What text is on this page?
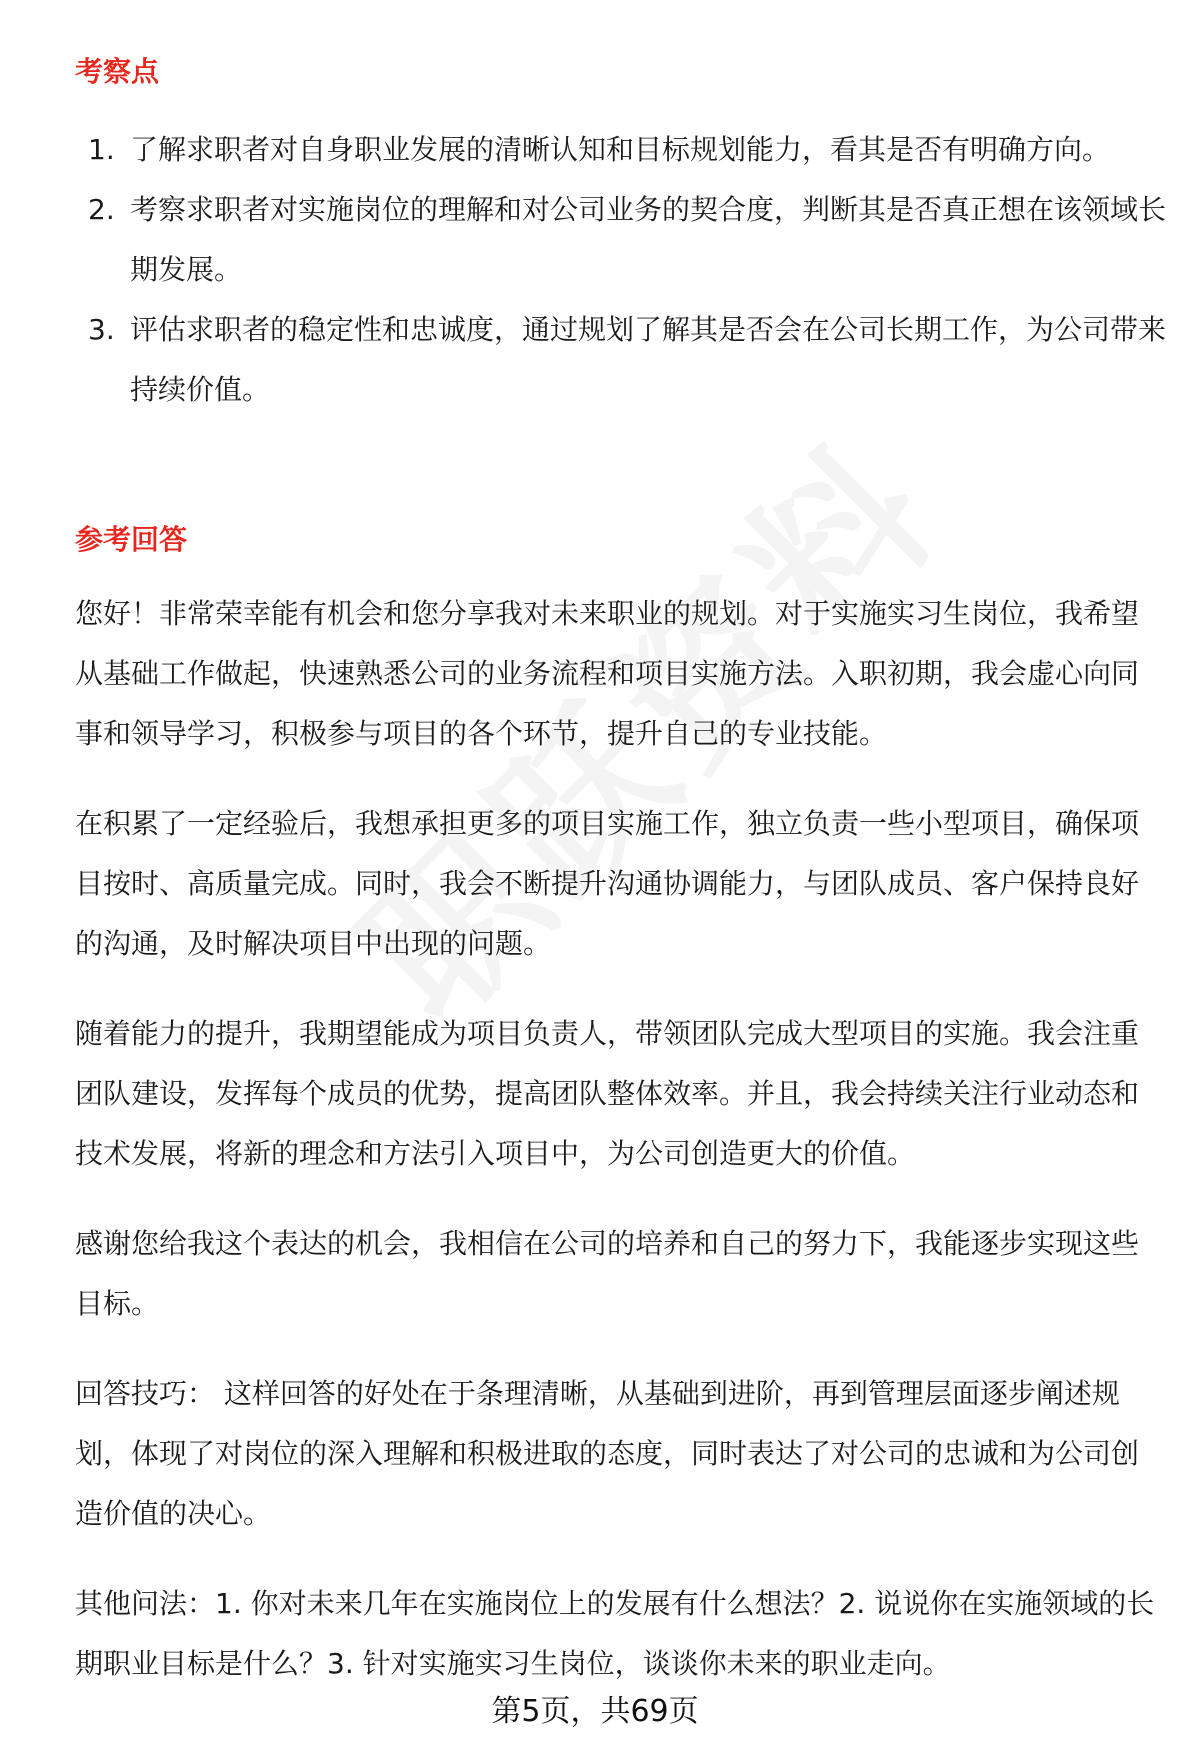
考察点
1. 了解求职者对自身职业发展的清晰认知和目标规划能力，看其是否有明确方向。
2. 考察求职者对实施岗位的理解和对公司业务的契合度，判断其是否真正想在该领域长期发展。
3. 评估求职者的稳定性和忠诚度，通过规划了解其是否会在公司长期工作，为公司带来持续价值。
参考回答

您好！非常荣幸能有机会和您分享我对未来职业的规划。对于实施实习生岗位，我希望从基础工作做起，快速熟悉公司的业务流程和项目实施方法。入职初期，我会虚心向同事和领导学习，积极参与项目的各个环节，提升自己的专业技能。

在积累了一定经验后，我想承担更多的项目实施工作，独立负责一些小型项目，确保项目按时、高质量完成。同时，我会不断提升沟通协调能力，与团队成员、客户保持良好的沟通，及时解决项目中出现的问题。

随着能力的提升，我期望能成为项目负责人，带领团队完成大型项目的实施。我会注重团队建设，发挥每个成员的优势，提高团队整体效率。并且，我会持续关注行业动态和技术发展，将新的理念和方法引入项目中，为公司创造更大的价值。

感谢您给我这个表达的机会，我相信在公司的培养和自己的努力下，我能逐步实现这些目标。

回答技巧： 这样回答的好处在于条理清晰，从基础到进阶，再到管理层面逐步阐述规划，体现了对岗位的深入理解和积极进取的态度，同时表达了对公司的忠诚和为公司创造价值的决心。

其他问法：1. 你对未来几年在实施岗位上的发展有什么想法？2. 说说你在实施领域的长期职业目标是什么？3. 针对实施实习生岗位，谈谈你未来的职业走向。

第5页，共69页
